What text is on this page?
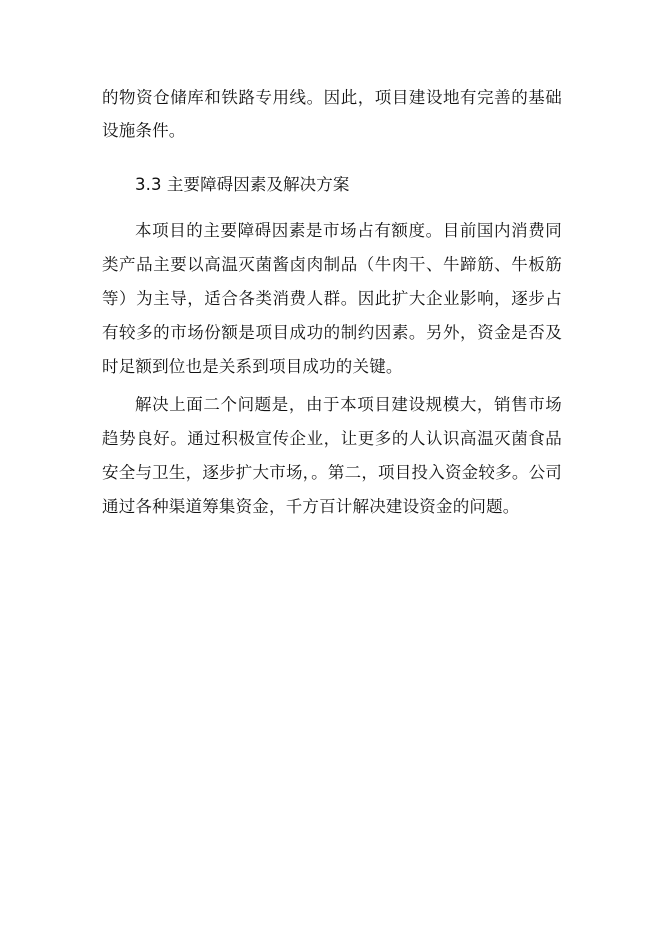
的物资仓储库和铁路专用线。因此，项目建设地有完善的基础
设施条件。
3.3 主要障碍因素及解决方案
本项目的主要障碍因素是市场占有额度。目前国内消费同
类产品主要以高温灭菌酱卤肉制品（牛肉干、牛蹄筋、牛板筋
等）为主导，适合各类消费人群。因此扩大企业影响，逐步占
有较多的市场份额是项目成功的制约因素。另外，资金是否及
时足额到位也是关系到项目成功的关键。
解决上面二个问题是，由于本项目建设规模大，销售市场
趋势良好。通过积极宣传企业，让更多的人认识高温灭菌食品
安全与卫生，逐步扩大市场，。第二，项目投入资金较多。公司
通过各种渠道筹集资金，千方百计解决建设资金的问题。
